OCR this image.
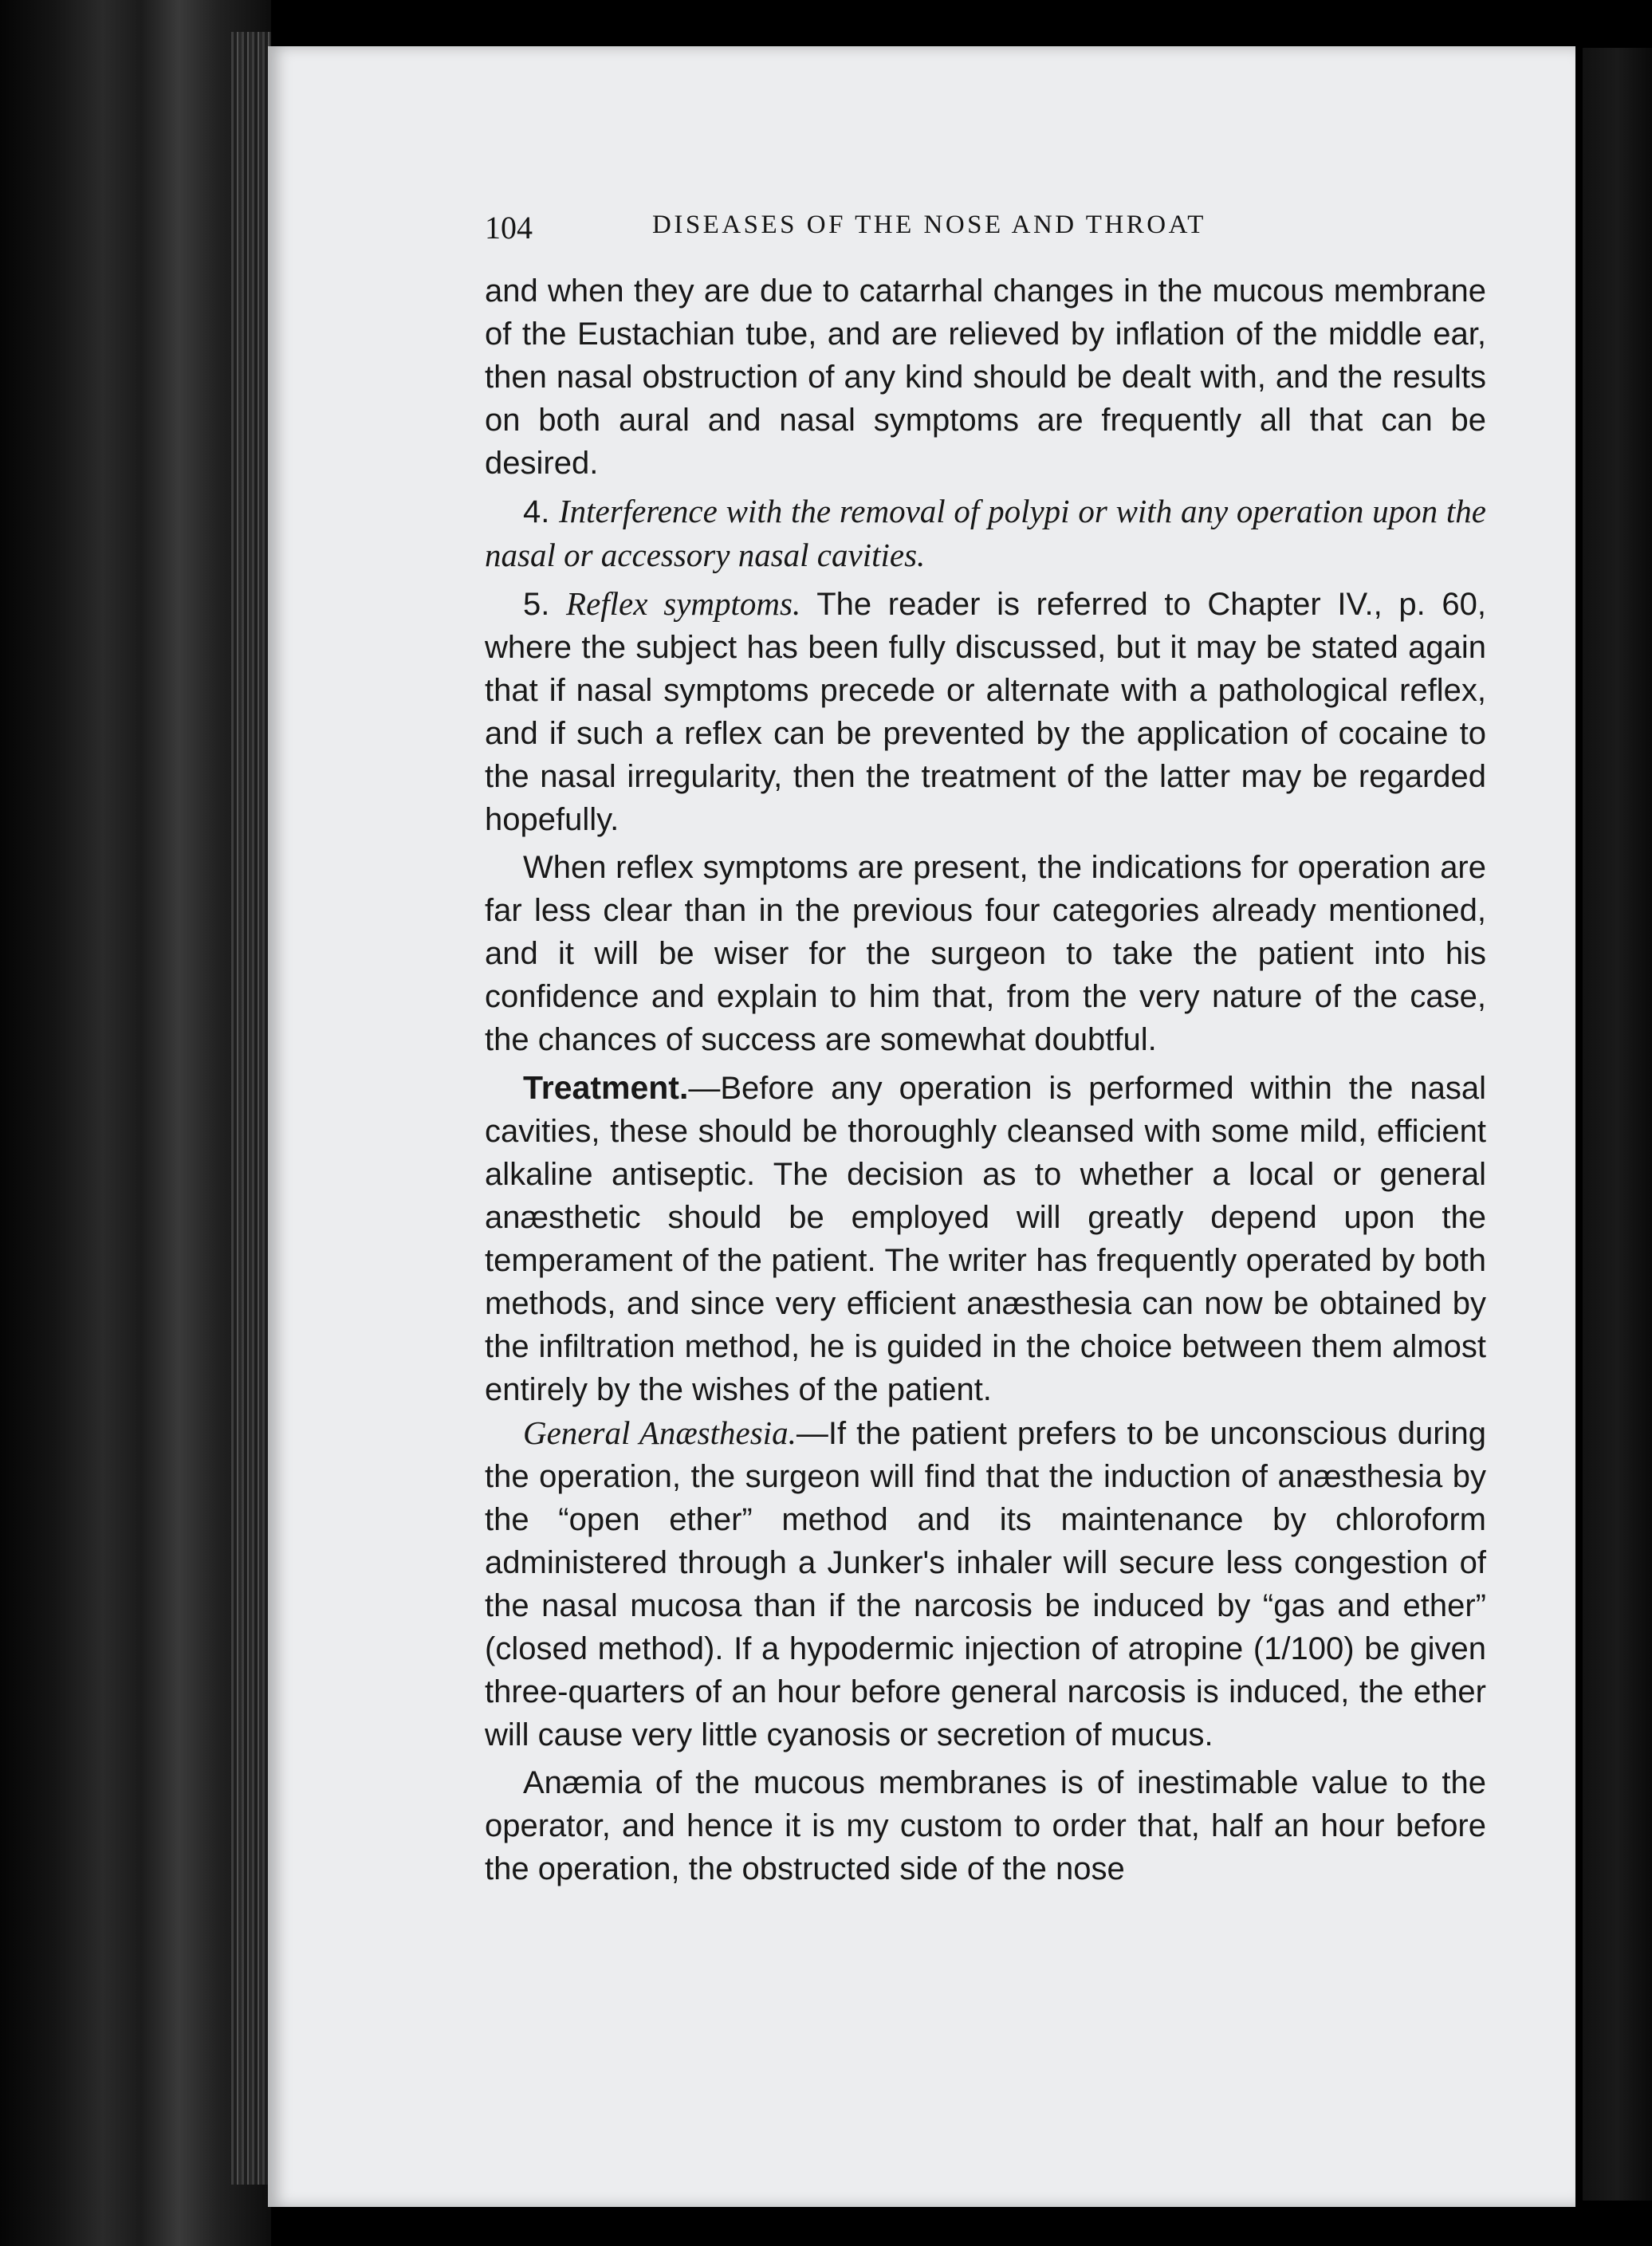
104	DISEASES OF THE NOSE AND THROAT

and when they are due to catarrhal changes in the mucous membrane of the Eustachian tube, and are relieved by inflation of the middle ear, then nasal obstruction of any kind should be dealt with, and the results on both aural and nasal symptoms are frequently all that can be desired.

4. Interference with the removal of polypi or with any operation upon the nasal or accessory nasal cavities.

5. Reflex symptoms. The reader is referred to Chapter IV., p. 60, where the subject has been fully discussed, but it may be stated again that if nasal symptoms precede or alternate with a pathological reflex, and if such a reflex can be prevented by the application of cocaine to the nasal irregularity, then the treatment of the latter may be regarded hopefully.

When reflex symptoms are present, the indications for operation are far less clear than in the previous four categories already mentioned, and it will be wiser for the surgeon to take the patient into his confidence and explain to him that, from the very nature of the case, the chances of success are somewhat doubtful.

Treatment.—Before any operation is performed within the nasal cavities, these should be thoroughly cleansed with some mild, efficient alkaline antiseptic. The decision as to whether a local or general anæsthetic should be employed will greatly depend upon the temperament of the patient. The writer has frequently operated by both methods, and since very efficient anæsthesia can now be obtained by the infiltration method, he is guided in the choice between them almost entirely by the wishes of the patient.

General Anæsthesia.—If the patient prefers to be unconscious during the operation, the surgeon will find that the induction of anæsthesia by the “open ether” method and its maintenance by chloroform administered through a Junker's inhaler will secure less congestion of the nasal mucosa than if the narcosis be induced by “gas and ether” (closed method). If a hypodermic injection of atropine (1/100) be given three-quarters of an hour before general narcosis is induced, the ether will cause very little cyanosis or secretion of mucus.

Anæmia of the mucous membranes is of inestimable value to the operator, and hence it is my custom to order that, half an hour before the operation, the obstructed side of the nose
